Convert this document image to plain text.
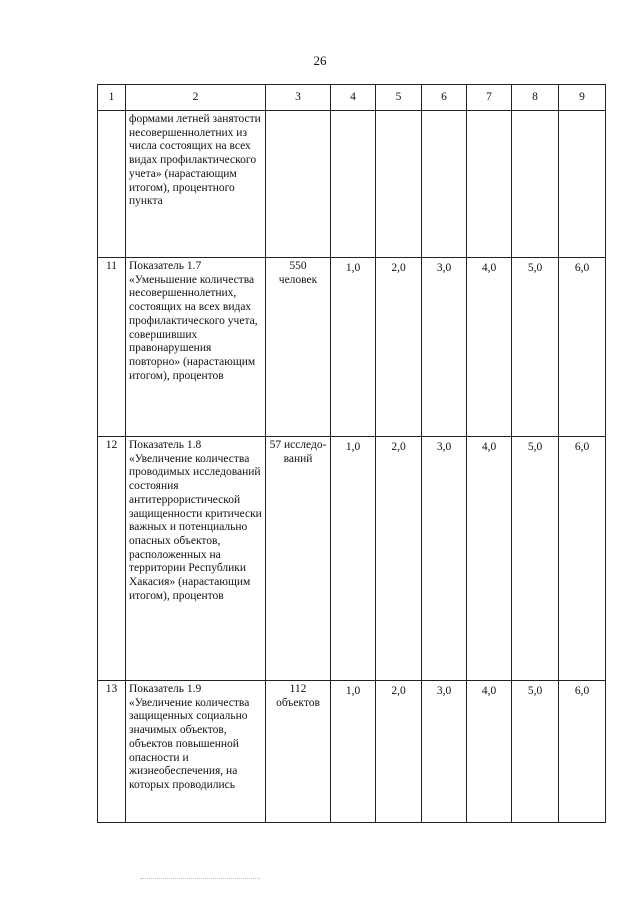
26
1	2	3	4	5	6	7	8	9
	формами летней занятости несовершеннолетних из числа состоящих на всех видах профилактического учета» (нарастающим итогом), процентного пункта							
11	Показатель 1.7 «Уменьшение количества несовершеннолетних, состоящих на всех видах профилактического учета, совершивших правонарушения повторно» (нарастающим итогом), процентов	550 человек	1,0	2,0	3,0	4,0	5,0	6,0
12	Показатель 1.8 «Увеличение количества проводимых исследований состояния антитеррористической защищенности критически важных и потенциально опасных объектов, расположенных на территории Республики Хакасия» (нарастающим итогом), процентов	57 исследо-ваний	1,0	2,0	3,0	4,0	5,0	6,0
13	Показатель 1.9 «Увеличение количества защищенных социально значимых объектов, объектов повышенной опасности и жизнеобеспечения, на которых проводились	112 объектов	1,0	2,0	3,0	4,0	5,0	6,0
